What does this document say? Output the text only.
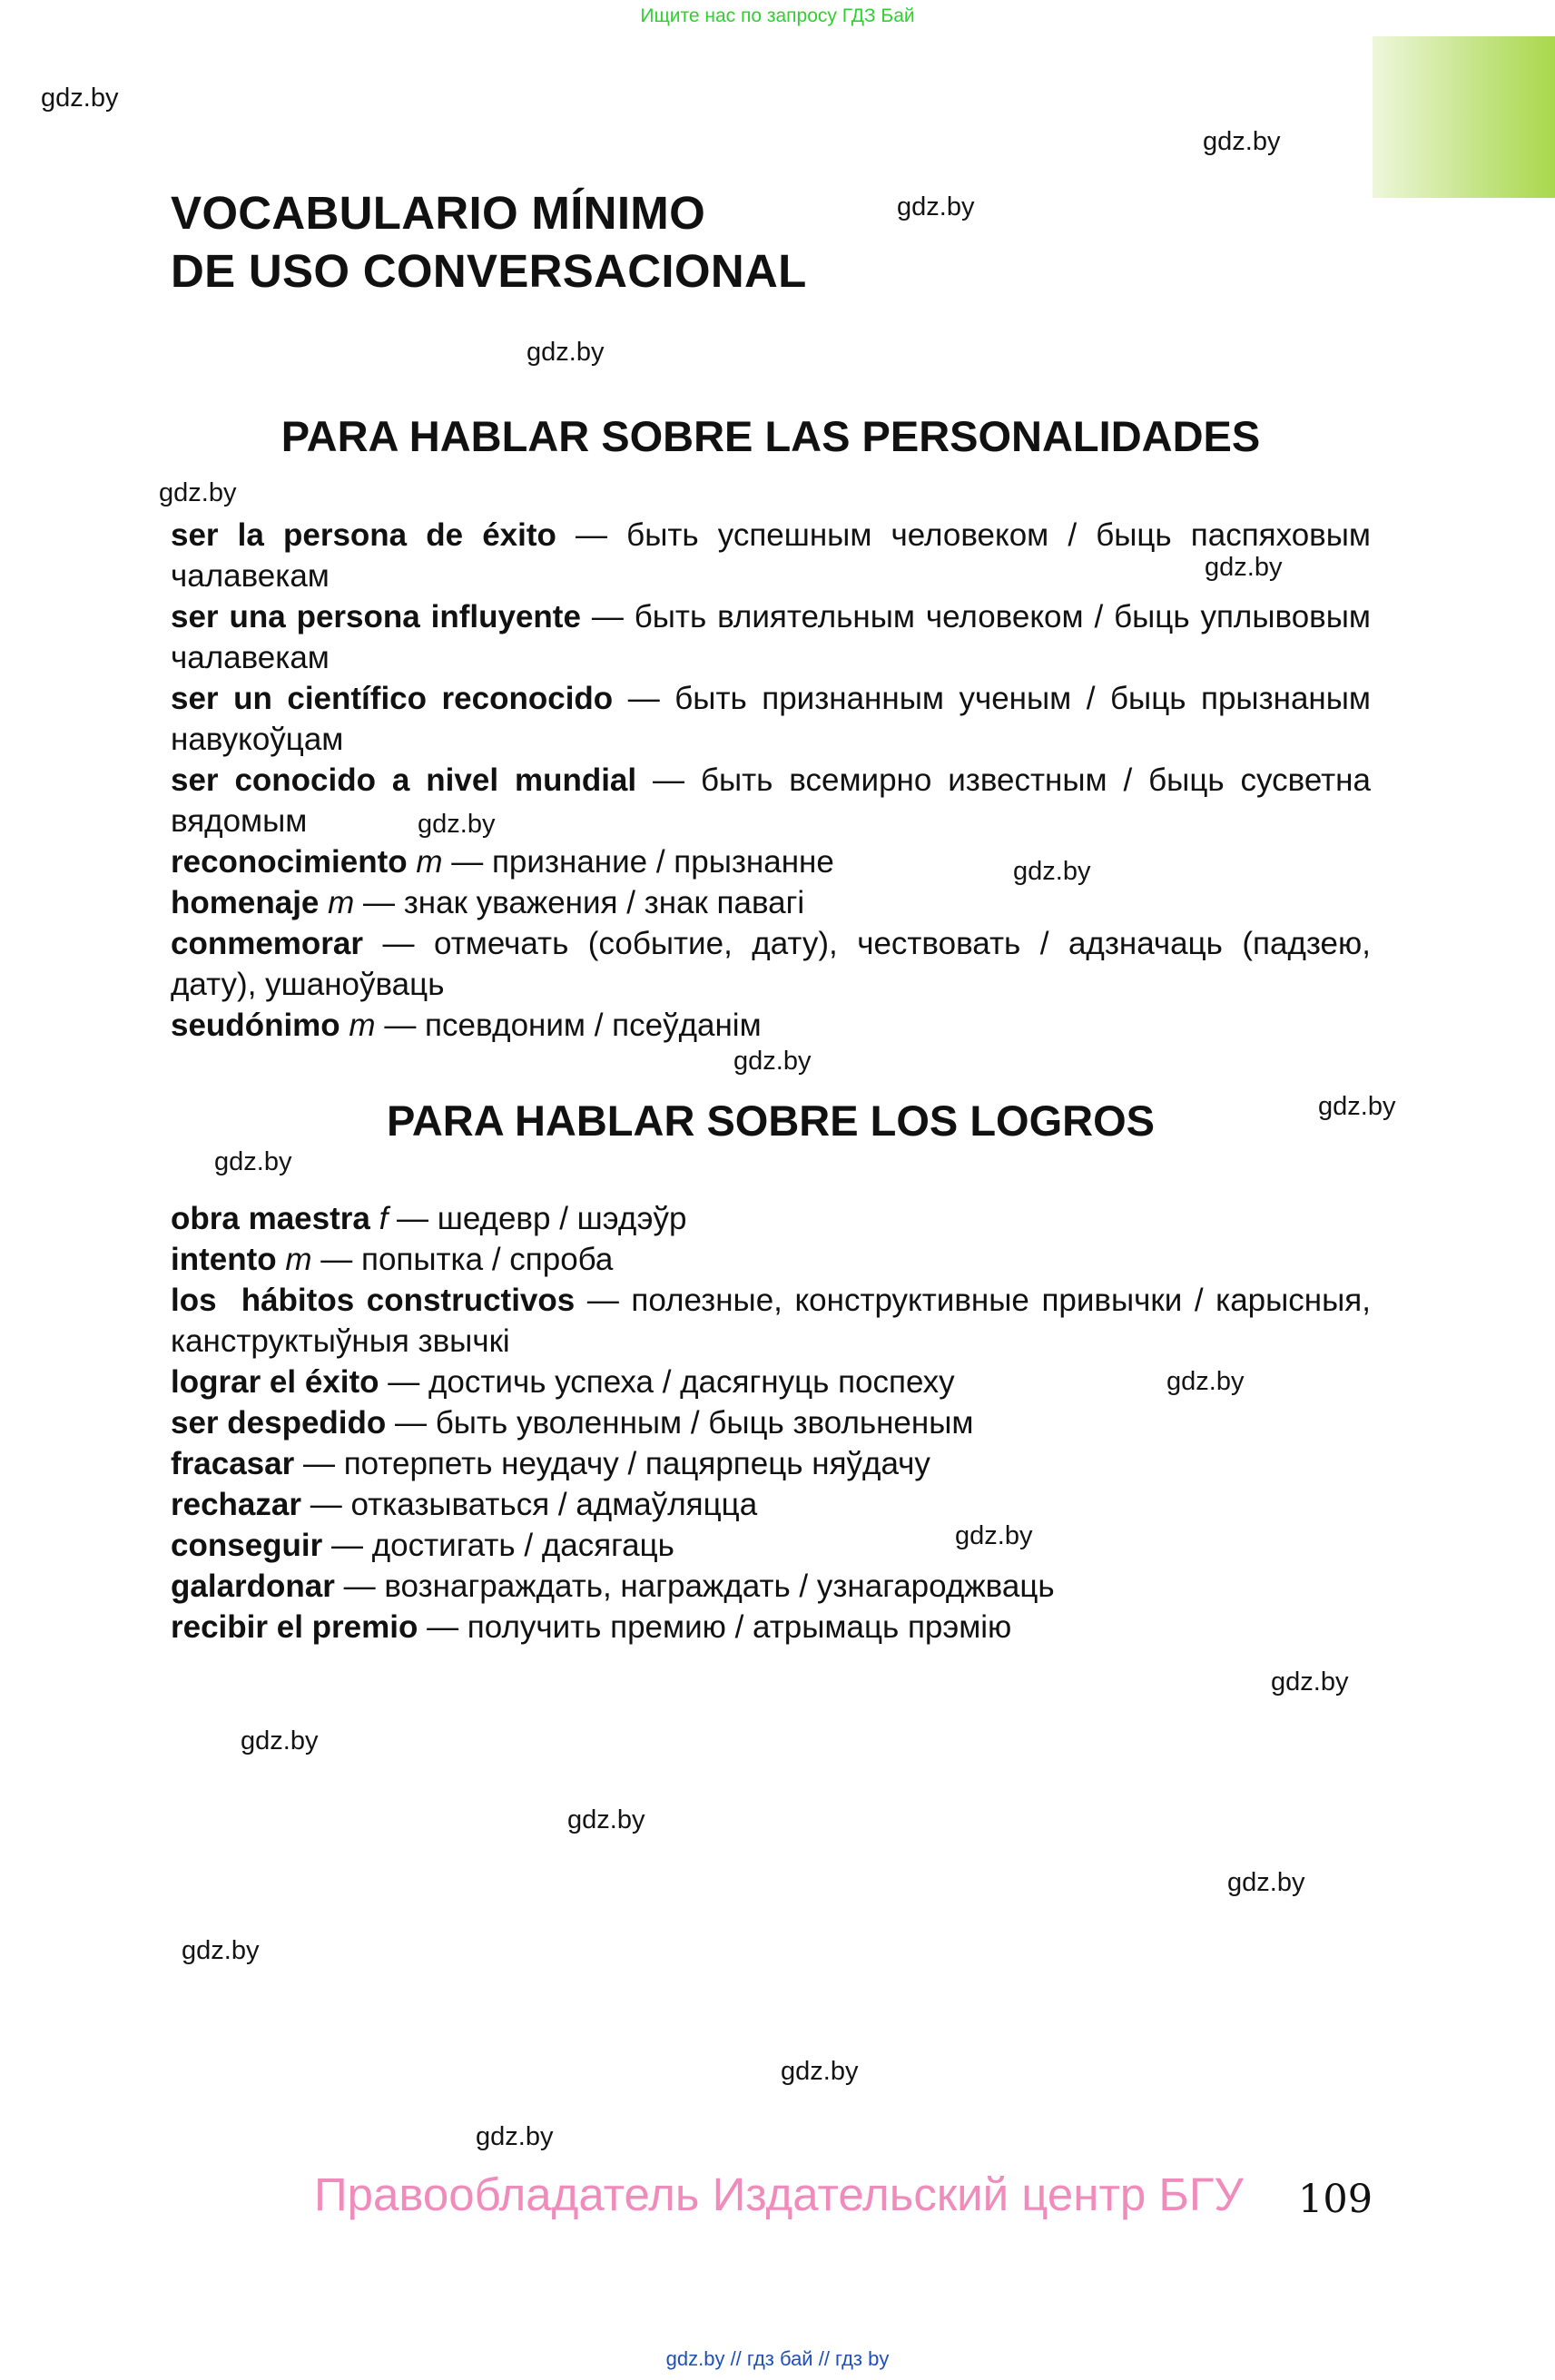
Ищите нас по запросу ГДЗ Бай
gdz.by
gdz.by
gdz.by
gdz.by
gdz.by
gdz.by
gdz.by
gdz.by
gdz.by
gdz.by
gdz.by
gdz.by
gdz.by
gdz.by
gdz.by
gdz.by
gdz.by
gdz.by
gdz.by
gdz.by
VOCABULARIO MÍNIMO
DE USO CONVERSACIONAL
PARA HABLAR SOBRE LAS PERSONALIDADES

ser la persona de éxito — быть успешным человеком / быць паспяховым чалавекам

ser una persona influyente — быть влиятельным человеком / быць уплывовым чалавекам

ser un científico reconocido — быть признанным ученым / быць прызнаным навукоўцам

ser conocido a nivel mundial — быть всемирно известным / быць сусветна вядомым

reconocimiento m — признание / прызнанне

homenaje m — знак уважения / знак павагі

conmemorar — отмечать (событие, дату), чествовать / адзначаць (падзею, дату), ушаноўваць

seudónimo m — псевдоним / псеўданім

PARA HABLAR SOBRE LOS LOGROS

obra maestra f — шедевр / шэдэўр

intento m — попытка / спроба

los  hábitos constructivos — полезные, конструктивные привычки / карысныя, канструктыўныя звычкі

lograr el éxito — достичь успеха / дасягнуць поспеху

ser despedido — быть уволенным / быць звольненым

fracasar — потерпеть неудачу / пацярпець няўдачу

rechazar — отказываться / адмаўляцца

conseguir — достигать / дасягаць

galardonar — вознаграждать, награждать / узнагароджваць

recibir el premio — получить премию / атрымаць прэмію

Правообладатель Издательский центр БГУ 109
gdz.by // гдз бай // гдз by
